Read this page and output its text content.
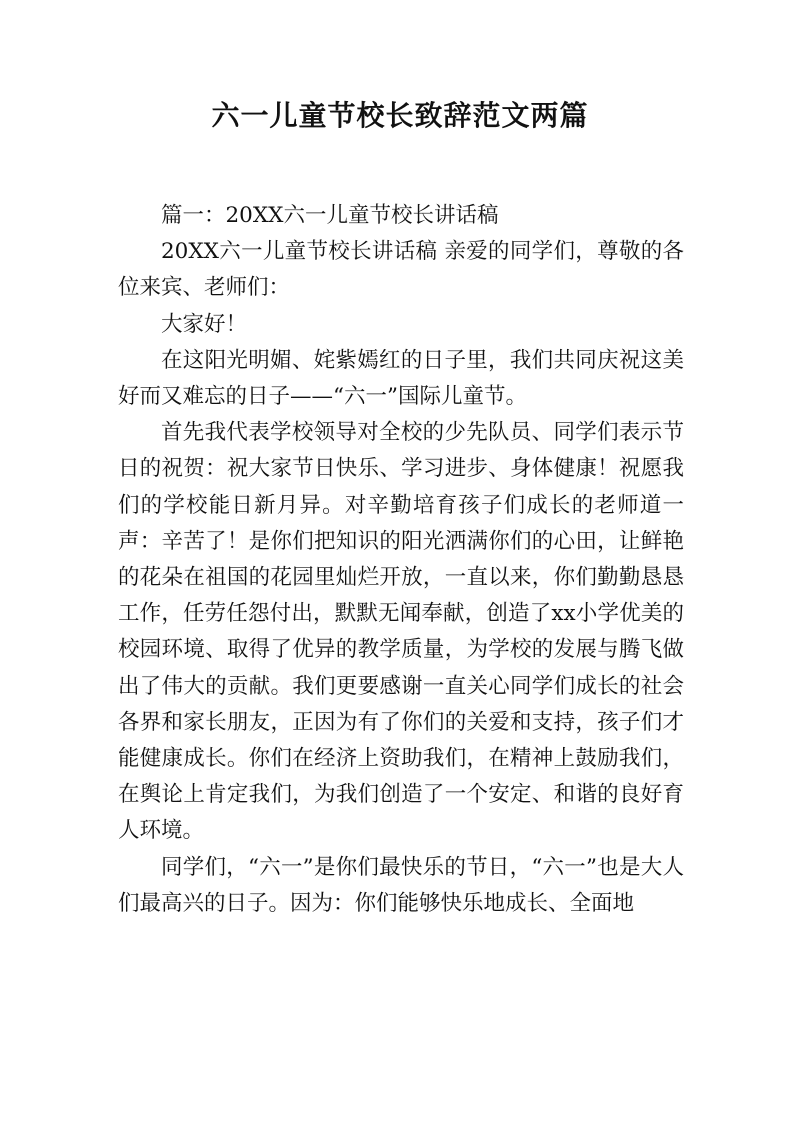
六一儿童节校长致辞范文两篇

篇一：20XX六一儿童节校长讲话稿

20XX六一儿童节校长讲话稿 亲爱的同学们，尊敬的各位来宾、老师们：

大家好！

在这阳光明媚、姹紫嫣红的日子里，我们共同庆祝这美好而又难忘的日子——“六一”国际儿童节。

首先我代表学校领导对全校的少先队员、同学们表示节日的祝贺：祝大家节日快乐、学习进步、身体健康！祝愿我们的学校能日新月异。对辛勤培育孩子们成长的老师道一声：辛苦了！是你们把知识的阳光洒满你们的心田，让鲜艳的花朵在祖国的花园里灿烂开放，一直以来，你们勤勤恳恳工作，任劳任怨付出，默默无闻奉献，创造了xx小学优美的校园环境、取得了优异的教学质量，为学校的发展与腾飞做出了伟大的贡献。我们更要感谢一直关心同学们成长的社会各界和家长朋友，正因为有了你们的关爱和支持，孩子们才能健康成长。你们在经济上资助我们，在精神上鼓励我们，在舆论上肯定我们，为我们创造了一个安定、和谐的良好育人环境。

同学们，“六一”是你们最快乐的节日，“六一”也是大人们最高兴的日子。因为：你们能够快乐地成长、全面地
